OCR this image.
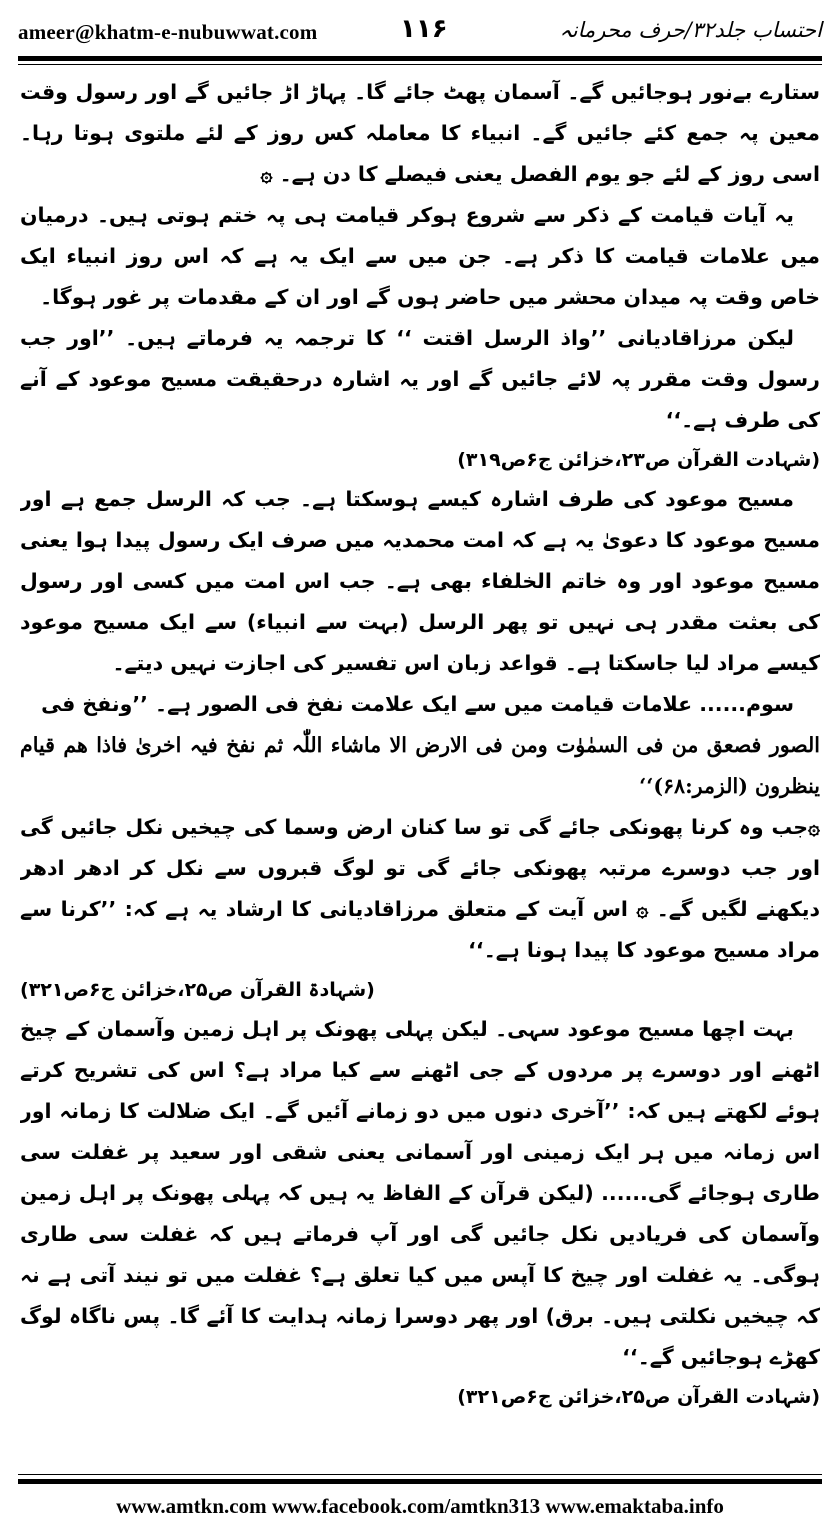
ameer@khatm-e-nubuwwat.com	۱۱۶	احتساب جلد۳۲/حرف محرمانہ

ستارے بےنور ہوجائیں گے۔ آسمان پھٹ جائے گا۔ پہاڑ اڑ جائیں گے اور رسول وقت معین پہ جمع کئے جائیں گے۔ انبیاء کا معاملہ کس روز کے لئے ملتوی ہوتا رہا۔ اسی روز کے لئے جو یوم الفصل یعنی فیصلے کا دن ہے۔ ۞

یہ آیات قیامت کے ذکر سے شروع ہوکر قیامت ہی پہ ختم ہوتی ہیں۔ درمیان میں علامات قیامت کا ذکر ہے۔ جن میں سے ایک یہ ہے کہ اس روز انبیاء ایک خاص وقت پہ میدان محشر میں حاضر ہوں گے اور ان کے مقدمات پر غور ہوگا۔

لیکن مرزاقادیانی ’’واذ الرسل اقتت ‘‘ کا ترجمہ یہ فرماتے ہیں۔ ’’اور جب رسول وقت مقرر پہ لائے جائیں گے اور یہ اشارہ درحقیقت مسیح موعود کے آنے کی طرف ہے۔‘‘

(شہادت القرآن ص۲۳،خزائن ج۶ص۳۱۹)

مسیح موعود کی طرف اشارہ کیسے ہوسکتا ہے۔ جب کہ الرسل جمع ہے اور مسیح موعود کا دعویٰ یہ ہے کہ امت محمدیہ میں صرف ایک رسول پیدا ہوا یعنی مسیح موعود اور وہ خاتم الخلفاء بھی ہے۔ جب اس امت میں کسی اور رسول کی بعثت مقدر ہی نہیں تو پھر الرسل (بہت سے انبیاء) سے ایک مسیح موعود کیسے مراد لیا جاسکتا ہے۔ قواعد زبان اس تفسیر کی اجازت نہیں دیتے۔

سوم...... علامات قیامت میں سے ایک علامت نفخ فی الصور ہے۔ ’’ونفخ فی

الصور فصعق من فی السمٰوٰت ومن فی الارض الا ماشاء اللّٰہ ثم نفخ فیہ اخریٰ فاذا ھم قیام ینظرون (الزمر:۶۸)‘‘

۞جب وہ کرنا پھونکی جائے گی تو سا کنان ارض وسما کی چیخیں نکل جائیں گی اور جب دوسرے مرتبہ پھونکی جائے گی تو لوگ قبروں سے نکل کر ادھر ادھر دیکھنے لگیں گے۔ ۞ اس آیت کے متعلق مرزاقادیانی کا ارشاد یہ ہے کہ: ’’کرنا سے مراد مسیح موعود کا پیدا ہونا ہے۔‘‘

(شہادۃ القرآن ص۲۵،خزائن ج۶ص۳۲۱)

بہت اچھا مسیح موعود سہی۔ لیکن پہلی پھونک پر اہل زمین وآسمان کے چیخ اٹھنے اور دوسرے پر مردوں کے جی اٹھنے سے کیا مراد ہے؟ اس کی تشریح کرتے ہوئے لکھتے ہیں کہ: ’’آخری دنوں میں دو زمانے آئیں گے۔ ایک ضلالت کا زمانہ اور اس زمانہ میں ہر ایک زمینی اور آسمانی یعنی شقی اور سعید پر غفلت سی طاری ہوجائے گی...... (لیکن قرآن کے الفاظ یہ ہیں کہ پہلی پھونک پر اہل زمین وآسمان کی فریادیں نکل جائیں گی اور آپ فرماتے ہیں کہ غفلت سی طاری ہوگی۔ یہ غفلت اور چیخ کا آپس میں کیا تعلق ہے؟ غفلت میں تو نیند آتی ہے نہ کہ چیخیں نکلتی ہیں۔ برق) اور پھر دوسرا زمانہ ہدایت کا آئے گا۔ پس ناگاہ لوگ کھڑے ہوجائیں گے۔‘‘

(شہادت القرآن ص۲۵،خزائن ج۶ص۳۲۱)
www.amtkn.com www.facebook.com/amtkn313 www.emaktaba.info
